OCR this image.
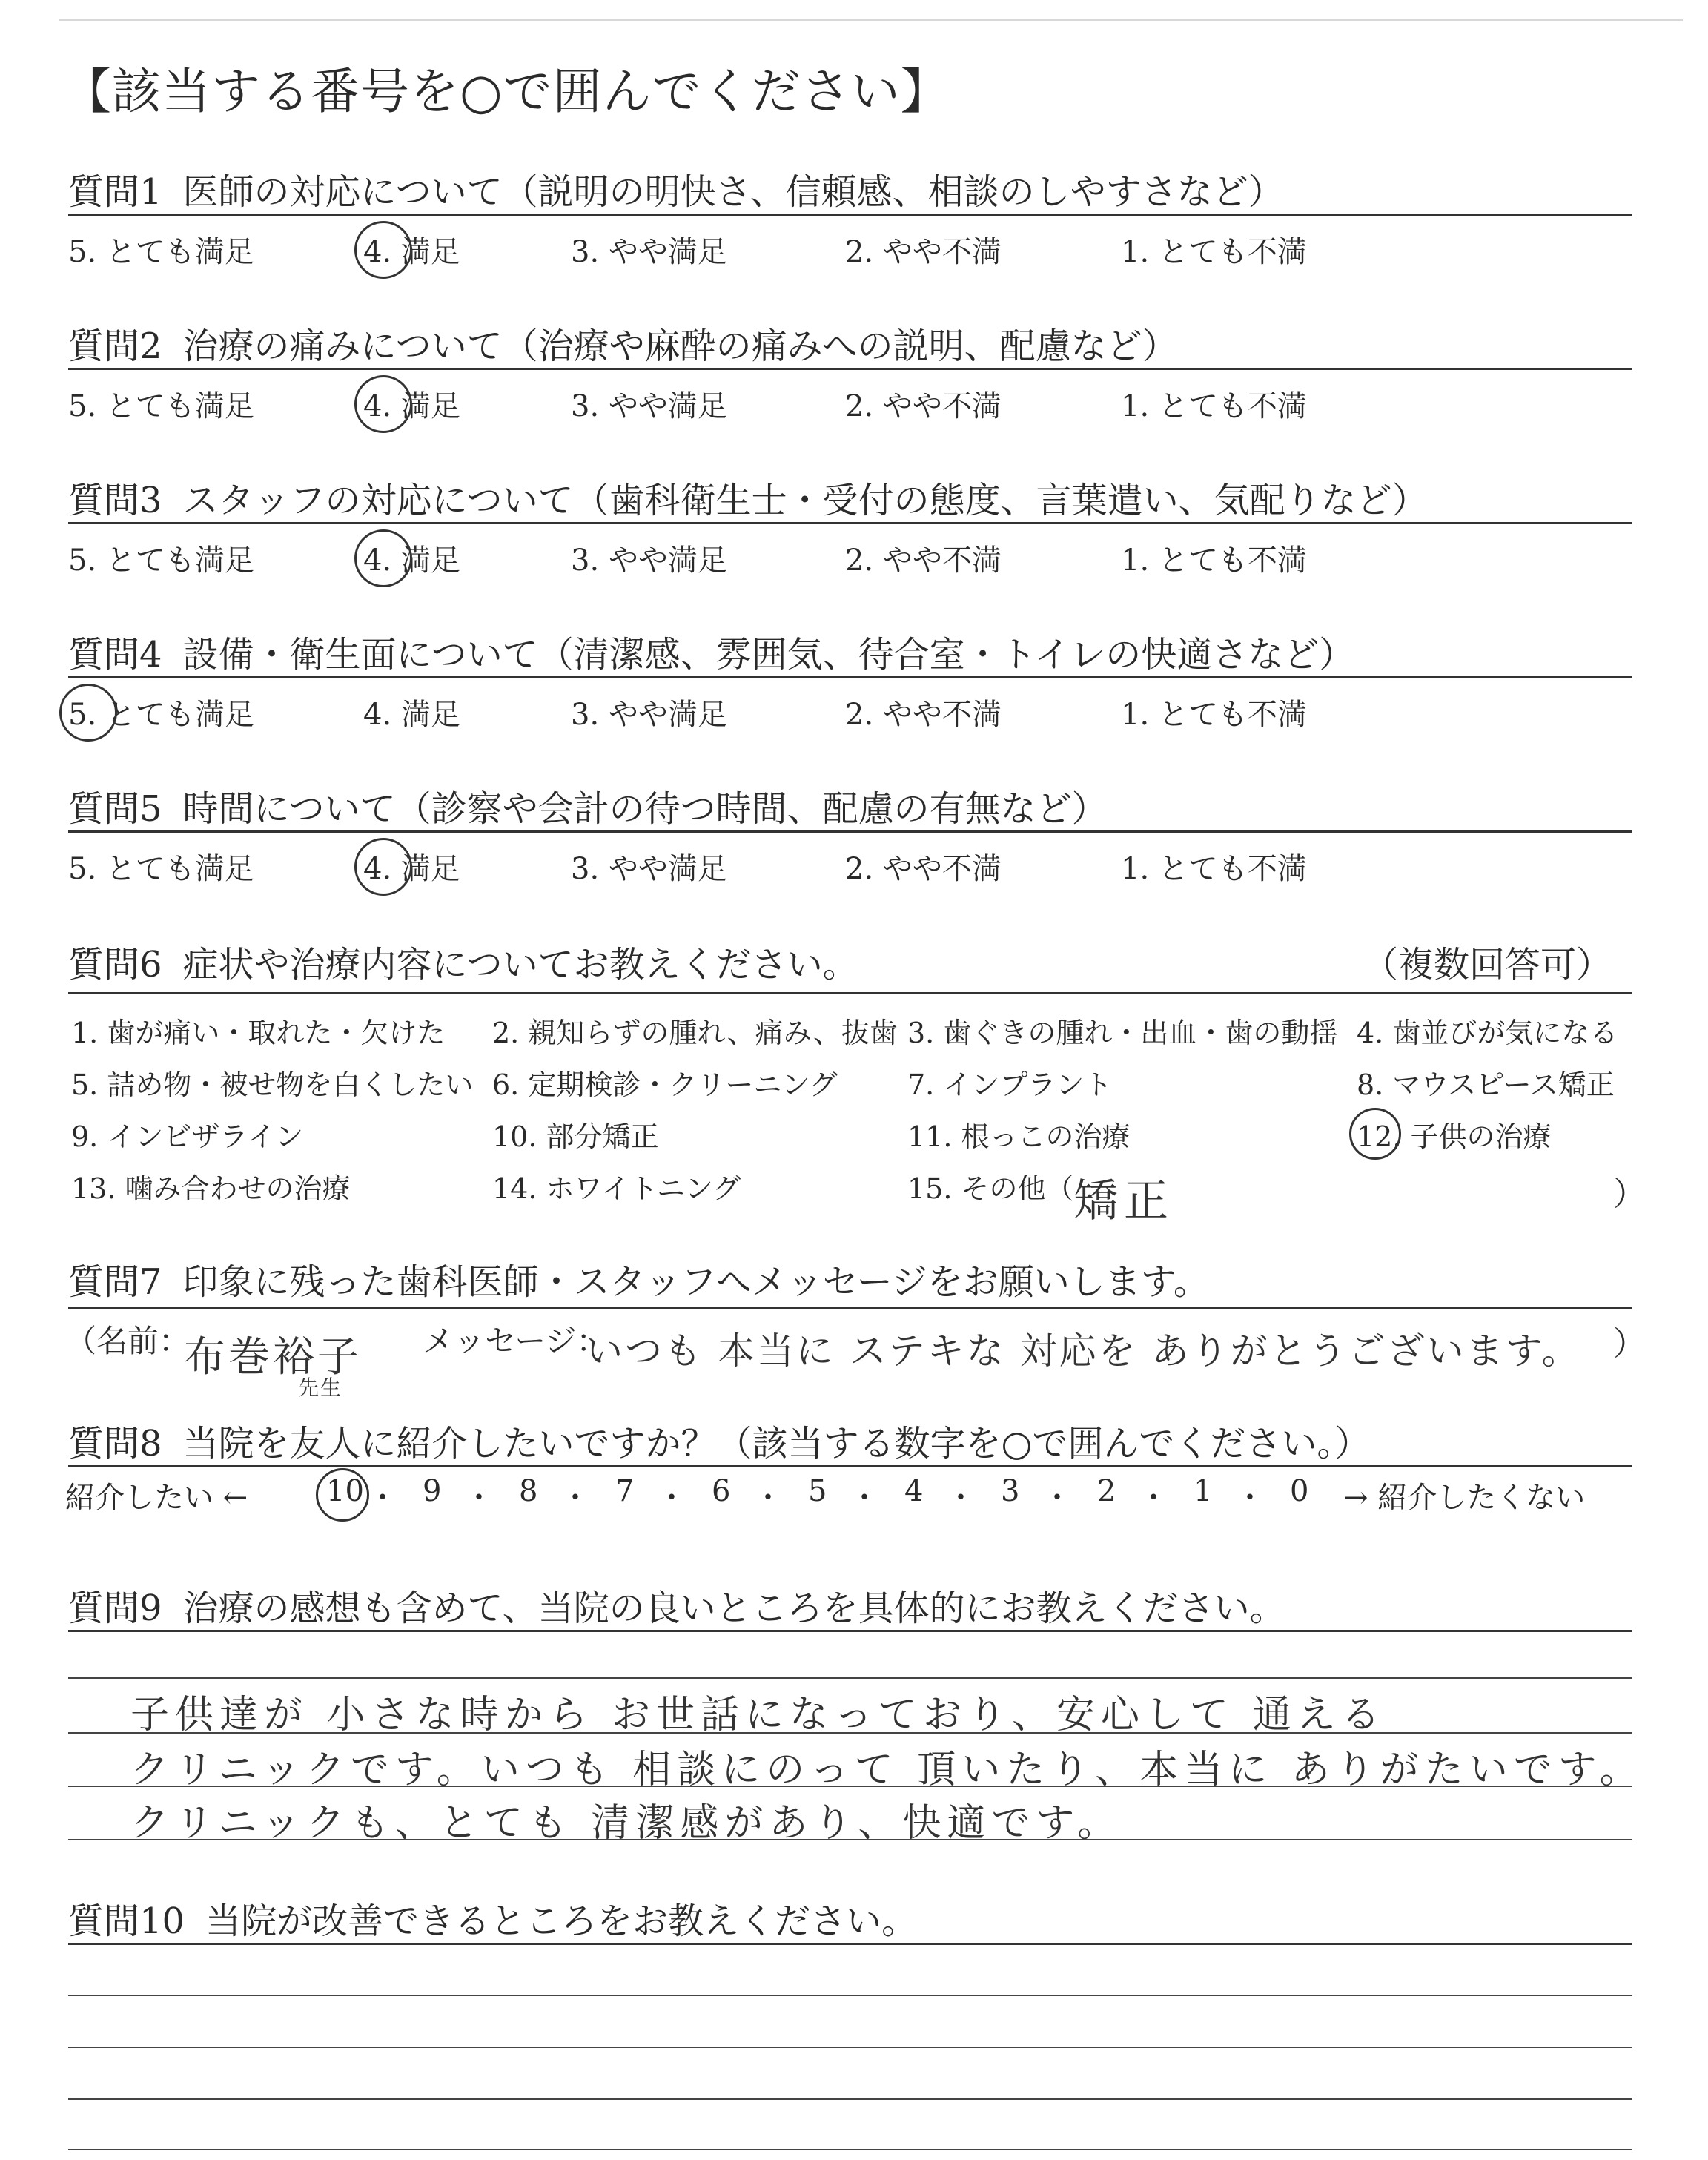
【該当する番号を○で囲んでください】
質問1 医師の対応について（説明の明快さ、信頼感、相談のしやすさなど）
5. とても満足	4. 満足	3. やや満足	2. やや不満	1. とても不満
質問2 治療の痛みについて（治療や麻酔の痛みへの説明、配慮など）
5. とても満足	4. 満足	3. やや満足	2. やや不満	1. とても不満
質問3 スタッフの対応について（歯科衛生士・受付の態度、言葉遣い、気配りなど）
5. とても満足	4. 満足	3. やや満足	2. やや不満	1. とても不満
質問4 設備・衛生面について（清潔感、雰囲気、待合室・トイレの快適さなど）
5. とても満足	4. 満足	3. やや満足	2. やや不満	1. とても不満
質問5 時間について（診察や会計の待つ時間、配慮の有無など）
5. とても満足	4. 満足	3. やや満足	2. やや不満	1. とても不満
質問6 症状や治療内容についてお教えください。	（複数回答可）
1. 歯が痛い・取れた・欠けた 2. 親知らずの腫れ、痛み、抜歯 3. 歯ぐきの腫れ・出血・歯の動揺 4. 歯並びが気になる
5. 詰め物・被せ物を白くしたい 6. 定期検診・クリーニング 7. インプラント	8. マウスピース矯正
9. インビザライン	10. 部分矯正	11. 根っこの治療	12. 子供の治療
13. 噛み合わせの治療	14. ホワイトニング	15. その他（ 矯正	）
質問7 印象に残った歯科医師・スタッフへメッセージをお願いします。
（名前：
布巻裕子
先生
メッセージ：
いつも 本当に ステキな 対応を ありがとうございます。 ）
質問8 当院を友人に紹介したいですか？（該当する数字を○で囲んでください。）
紹介したい ←	10 ・ 9 ・ 8 ・ 7 ・ 6 ・ 5 ・ 4 ・ 3 ・ 2 ・ 1 ・ 0 → 紹介したくない
質問9 治療の感想も含めて、当院の良いところを具体的にお教えください。
子供達が 小さな時から お世話になっており、安心して 通える
クリニックです。いつも 相談にのって 頂いたり、本当に ありがたいです。
クリニックも、とても 清潔感があり、快適です。
質問10 当院が改善できるところをお教えください。
